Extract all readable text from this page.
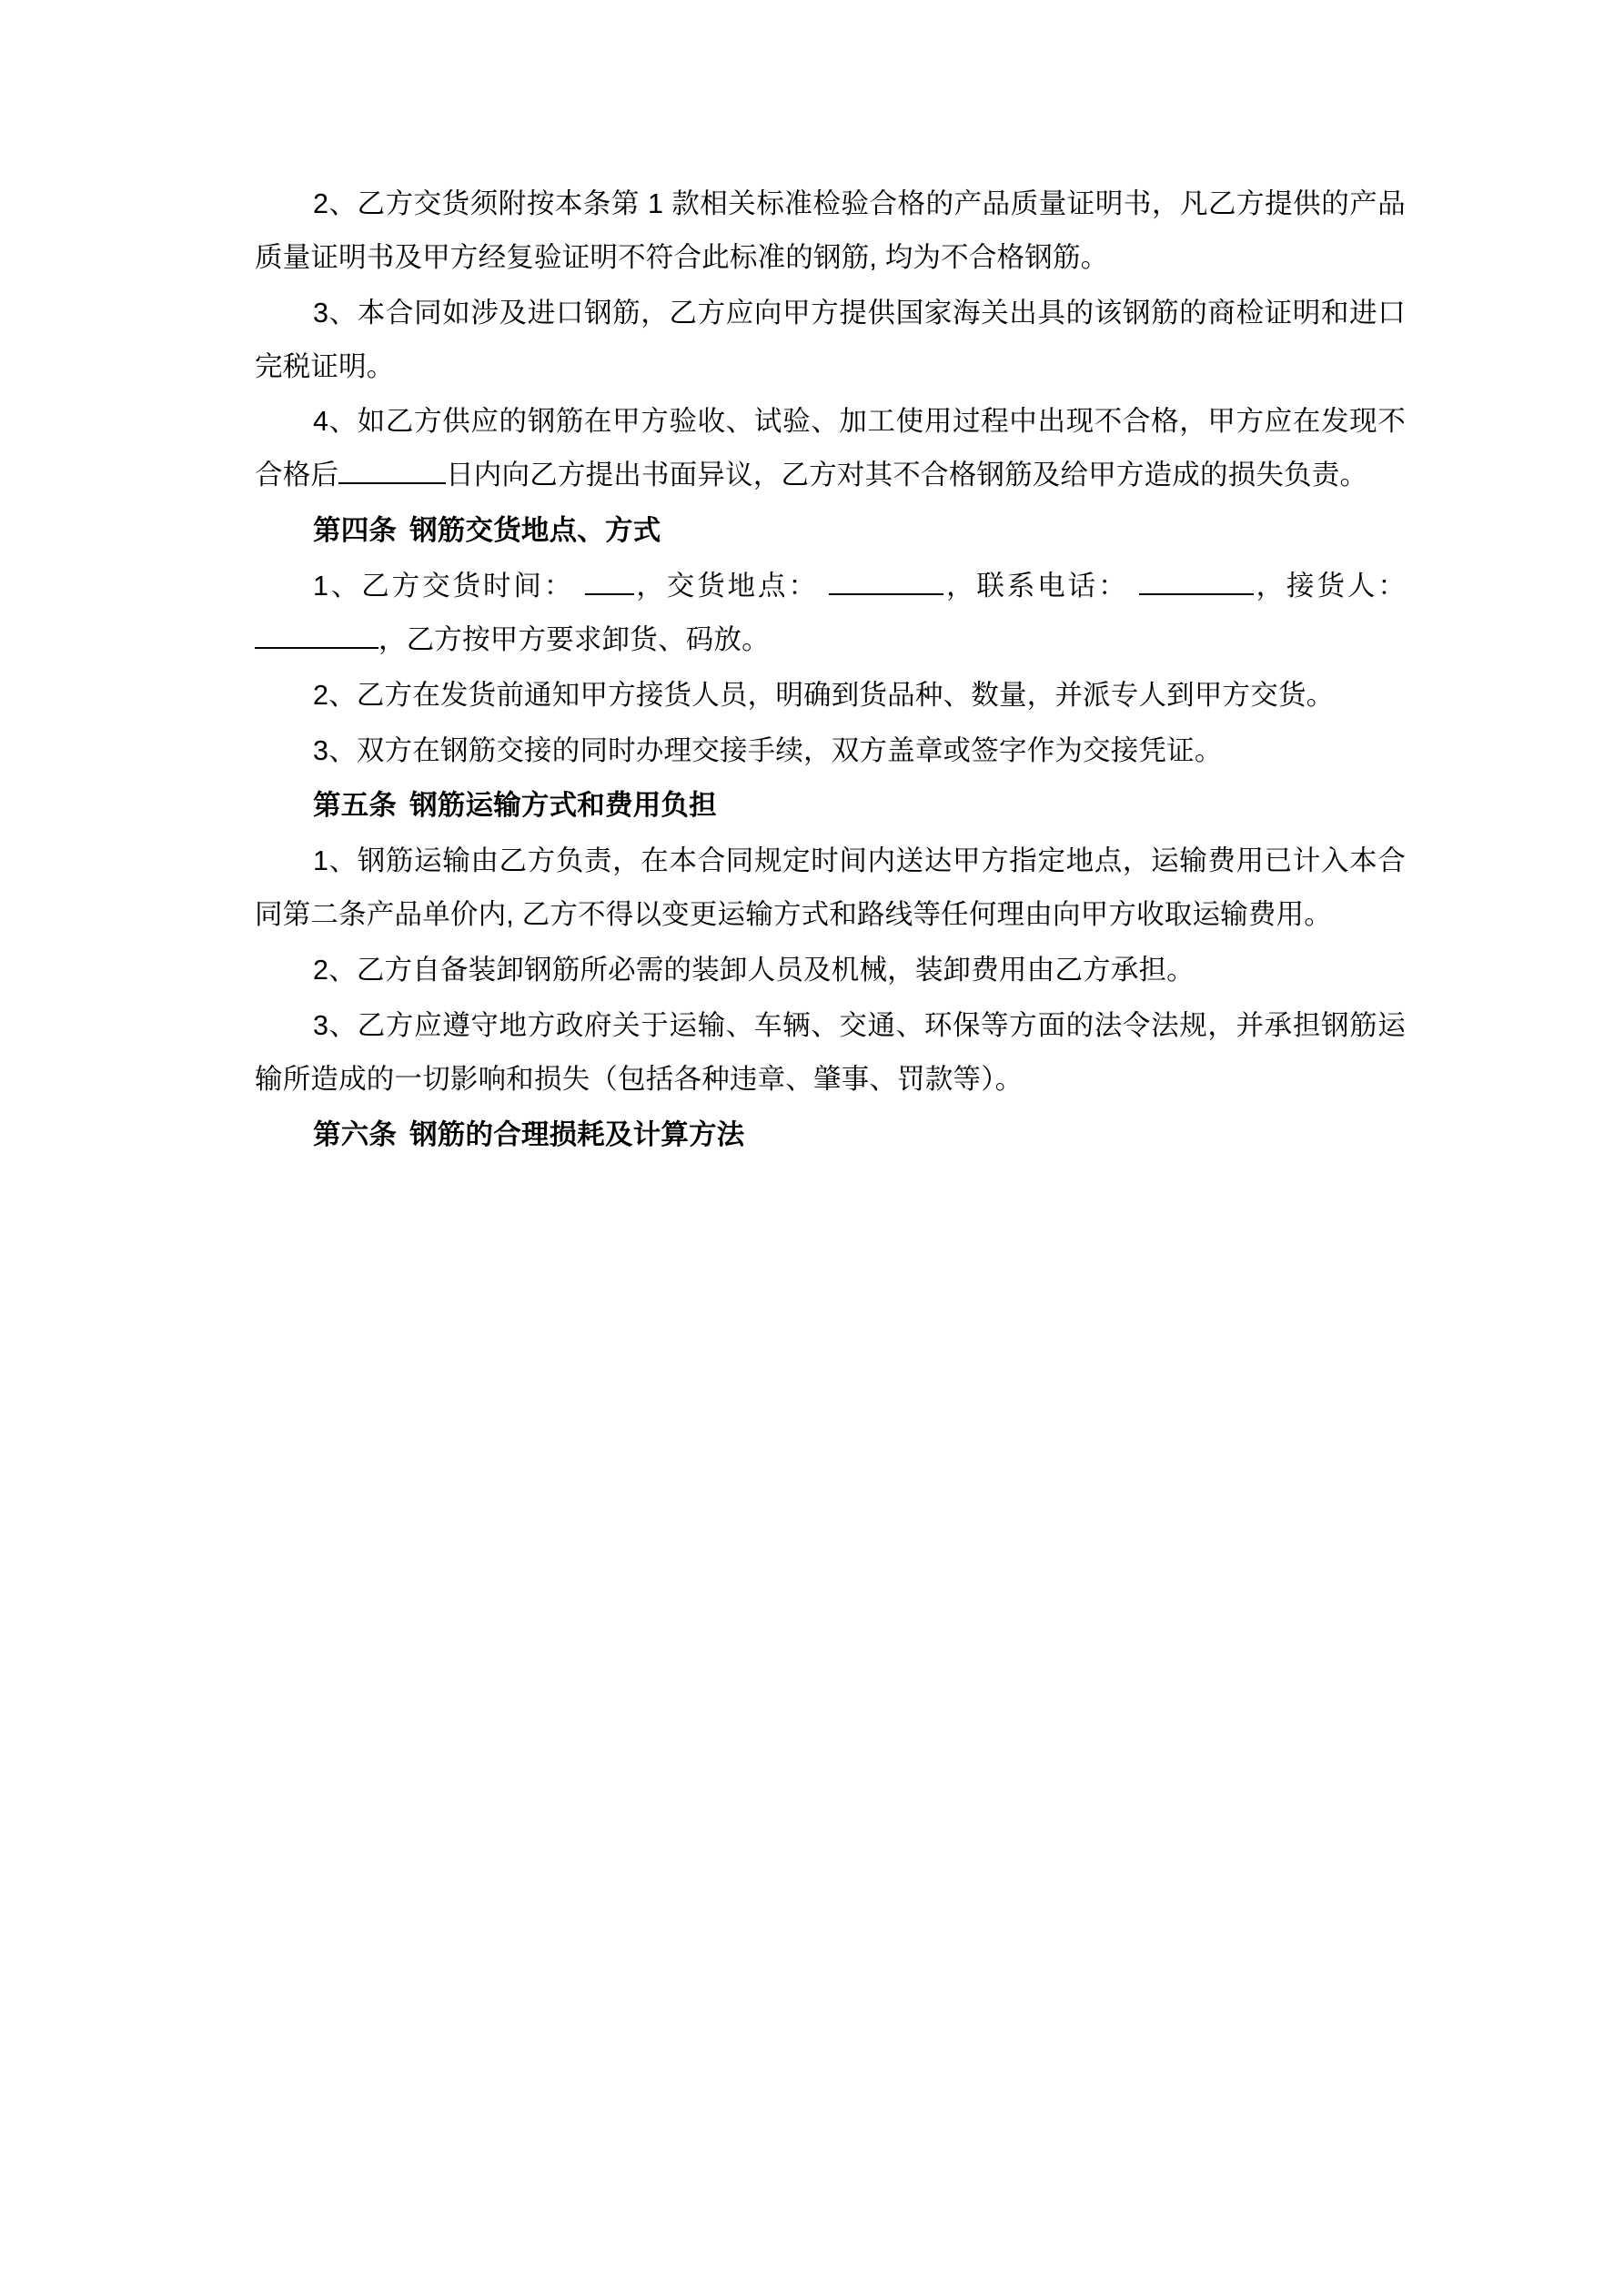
2、乙方交货须附按本条第 1 款相关标准检验合格的产品质量证明书，凡乙方提供的产品质量证明书及甲方经复验证明不符合此标准的钢筋, 均为不合格钢筋。

3、本合同如涉及进口钢筋，乙方应向甲方提供国家海关出具的该钢筋的商检证明和进口完税证明。

4、如乙方供应的钢筋在甲方验收、试验、加工使用过程中出现不合格，甲方应在发现不合格后	日内向乙方提出书面异议，乙方对其不合格钢筋及给甲方造成的损失负责。

第四条 钢筋交货地点、方式

1、乙方交货时间： ，交货地点：	，联系电话：	，接货人： ，乙方按甲方要求卸货、码放。

2、乙方在发货前通知甲方接货人员，明确到货品种、数量，并派专人到甲方交货。

3、双方在钢筋交接的同时办理交接手续，双方盖章或签字作为交接凭证。

第五条 钢筋运输方式和费用负担

1、钢筋运输由乙方负责，在本合同规定时间内送达甲方指定地点，运输费用已计入本合同第二条产品单价内, 乙方不得以变更运输方式和路线等任何理由向甲方收取运输费用。

2、乙方自备装卸钢筋所必需的装卸人员及机械，装卸费用由乙方承担。

3、乙方应遵守地方政府关于运输、车辆、交通、环保等方面的法令法规，并承担钢筋运输所造成的一切影响和损失（包括各种违章、肇事、罚款等）。

第六条 钢筋的合理损耗及计算方法
